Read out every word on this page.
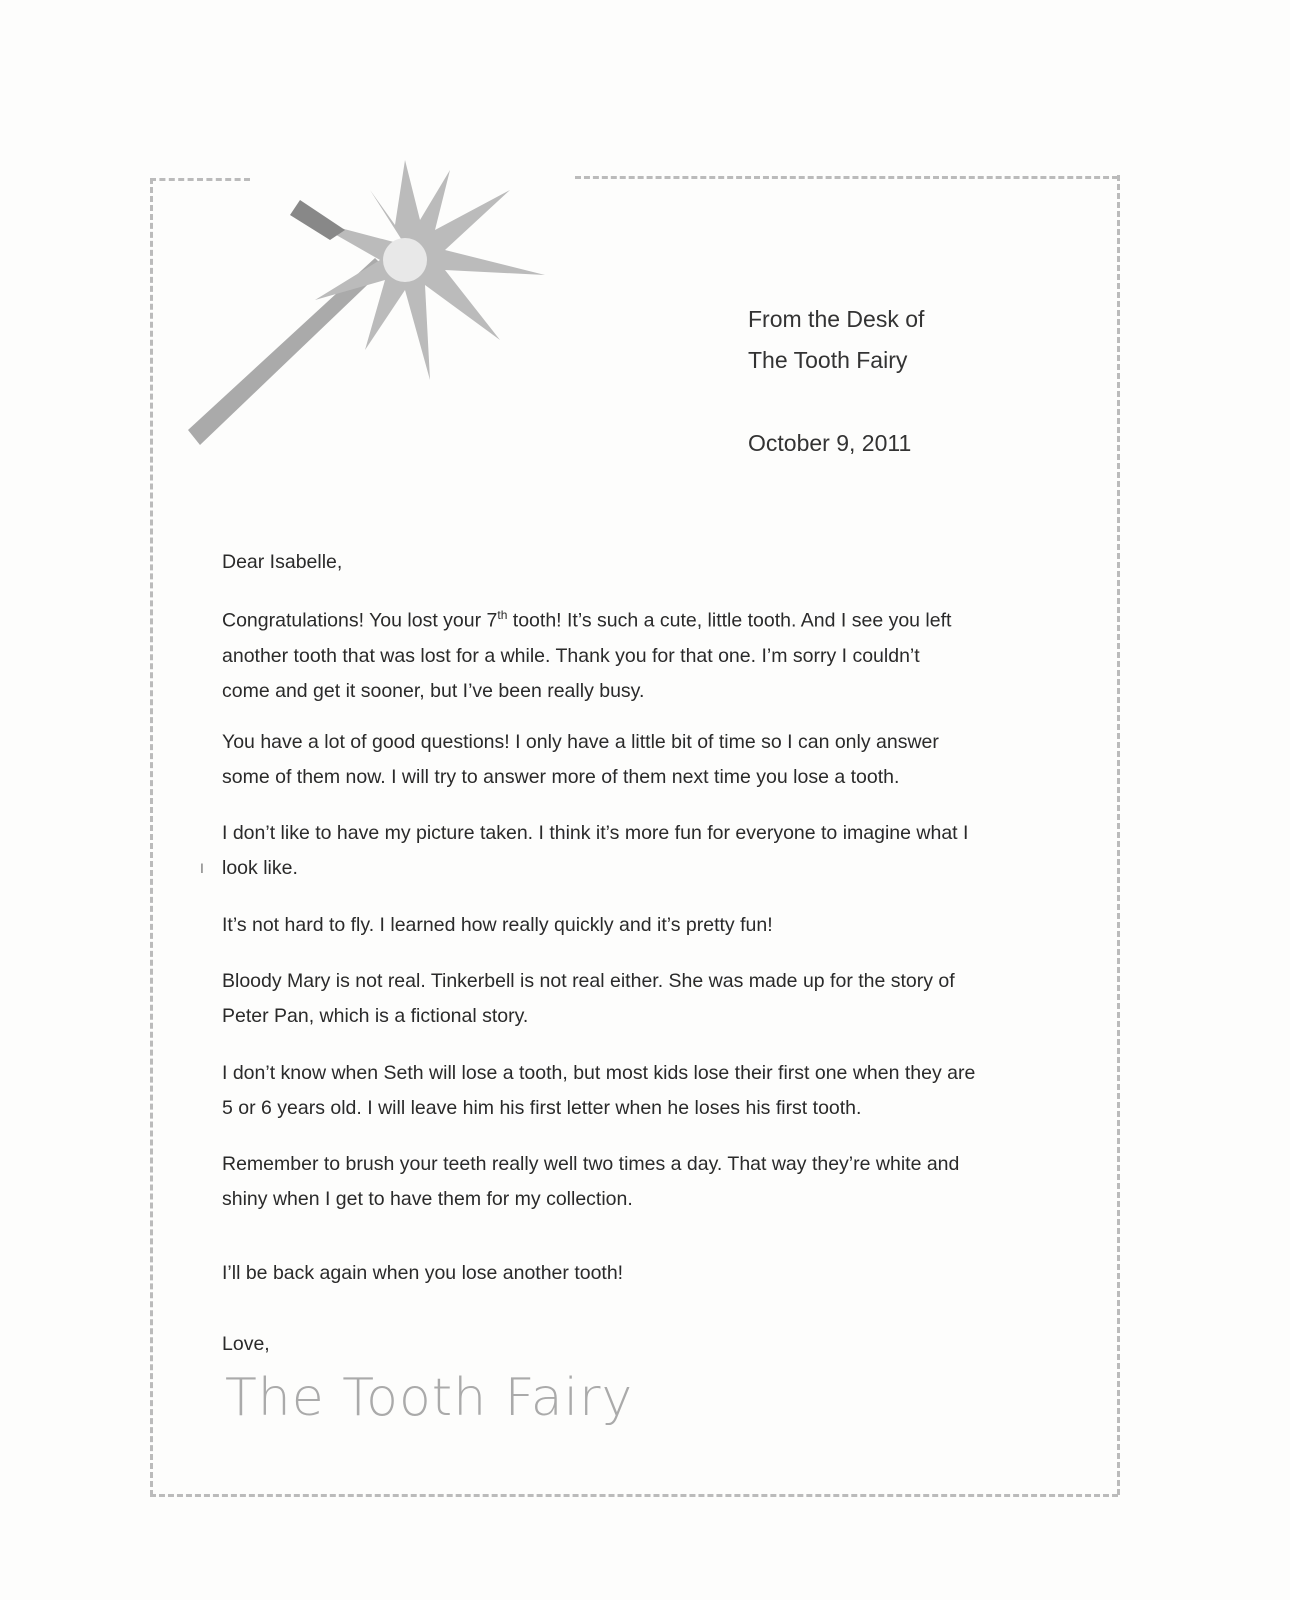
From the Desk of
The Tooth Fairy
October 9, 2011
Dear Isabelle,
Congratulations! You lost your 7th tooth! It’s such a cute, little tooth. And I see you left
another tooth that was lost for a while. Thank you for that one. I’m sorry I couldn’t
come and get it sooner, but I’ve been really busy.
You have a lot of good questions! I only have a little bit of time so I can only answer
some of them now. I will try to answer more of them next time you lose a tooth.
I don’t like to have my picture taken. I think it’s more fun for everyone to imagine what I
look like.
It’s not hard to fly. I learned how really quickly and it’s pretty fun!
Bloody Mary is not real. Tinkerbell is not real either. She was made up for the story of
Peter Pan, which is a fictional story.
I don’t know when Seth will lose a tooth, but most kids lose their first one when they are
5 or 6 years old. I will leave him his first letter when he loses his first tooth.
Remember to brush your teeth really well two times a day. That way they’re white and
shiny when I get to have them for my collection.
I’ll be back again when you lose another tooth!
Love,
The Tooth Fairy
I
